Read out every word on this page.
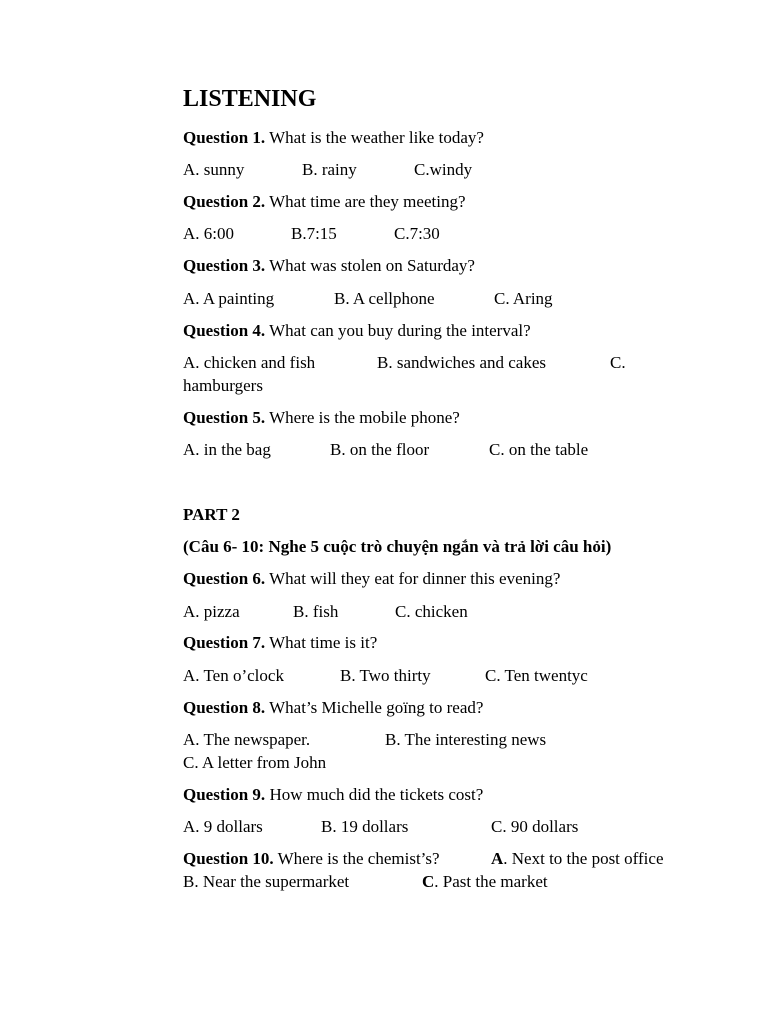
LISTENING
Question 1. What is the weather like today?
A. sunny	B. rainy	C.windy
Question 2. What time are they meeting?
A. 6:00	B.7:15	C.7:30
Question 3. What was stolen on Saturday?
A. A painting	B. A cellphone	C. Aring
Question 4. What can you buy during the interval?
A. chicken and fish	B. sandwiches and cakes	C.
hamburgers
Question 5. Where is the mobile phone?
A. in the bag	B. on the floor	C. on the table
PART 2
(Câu 6- 10: Nghe 5 cuộc trò chuyện ngắn và trả lời câu hỏi)
Question 6. What will they eat for dinner this evening?
A. pizza	B. fish	C. chicken
Question 7. What time is it?
A. Ten o’clock	B. Two thirty	C. Ten twentyc
Question 8. What’s Michelle goïng to read?
A. The newspaper.	B. The interesting news
C. A letter from John
Question 9. How much did the tickets cost?
A. 9 dollars	B. 19 dollars	C. 90 dollars
Question 10. Where is the chemist’s?	A. Next to the post office
B. Near the supermarket	C. Past the market
